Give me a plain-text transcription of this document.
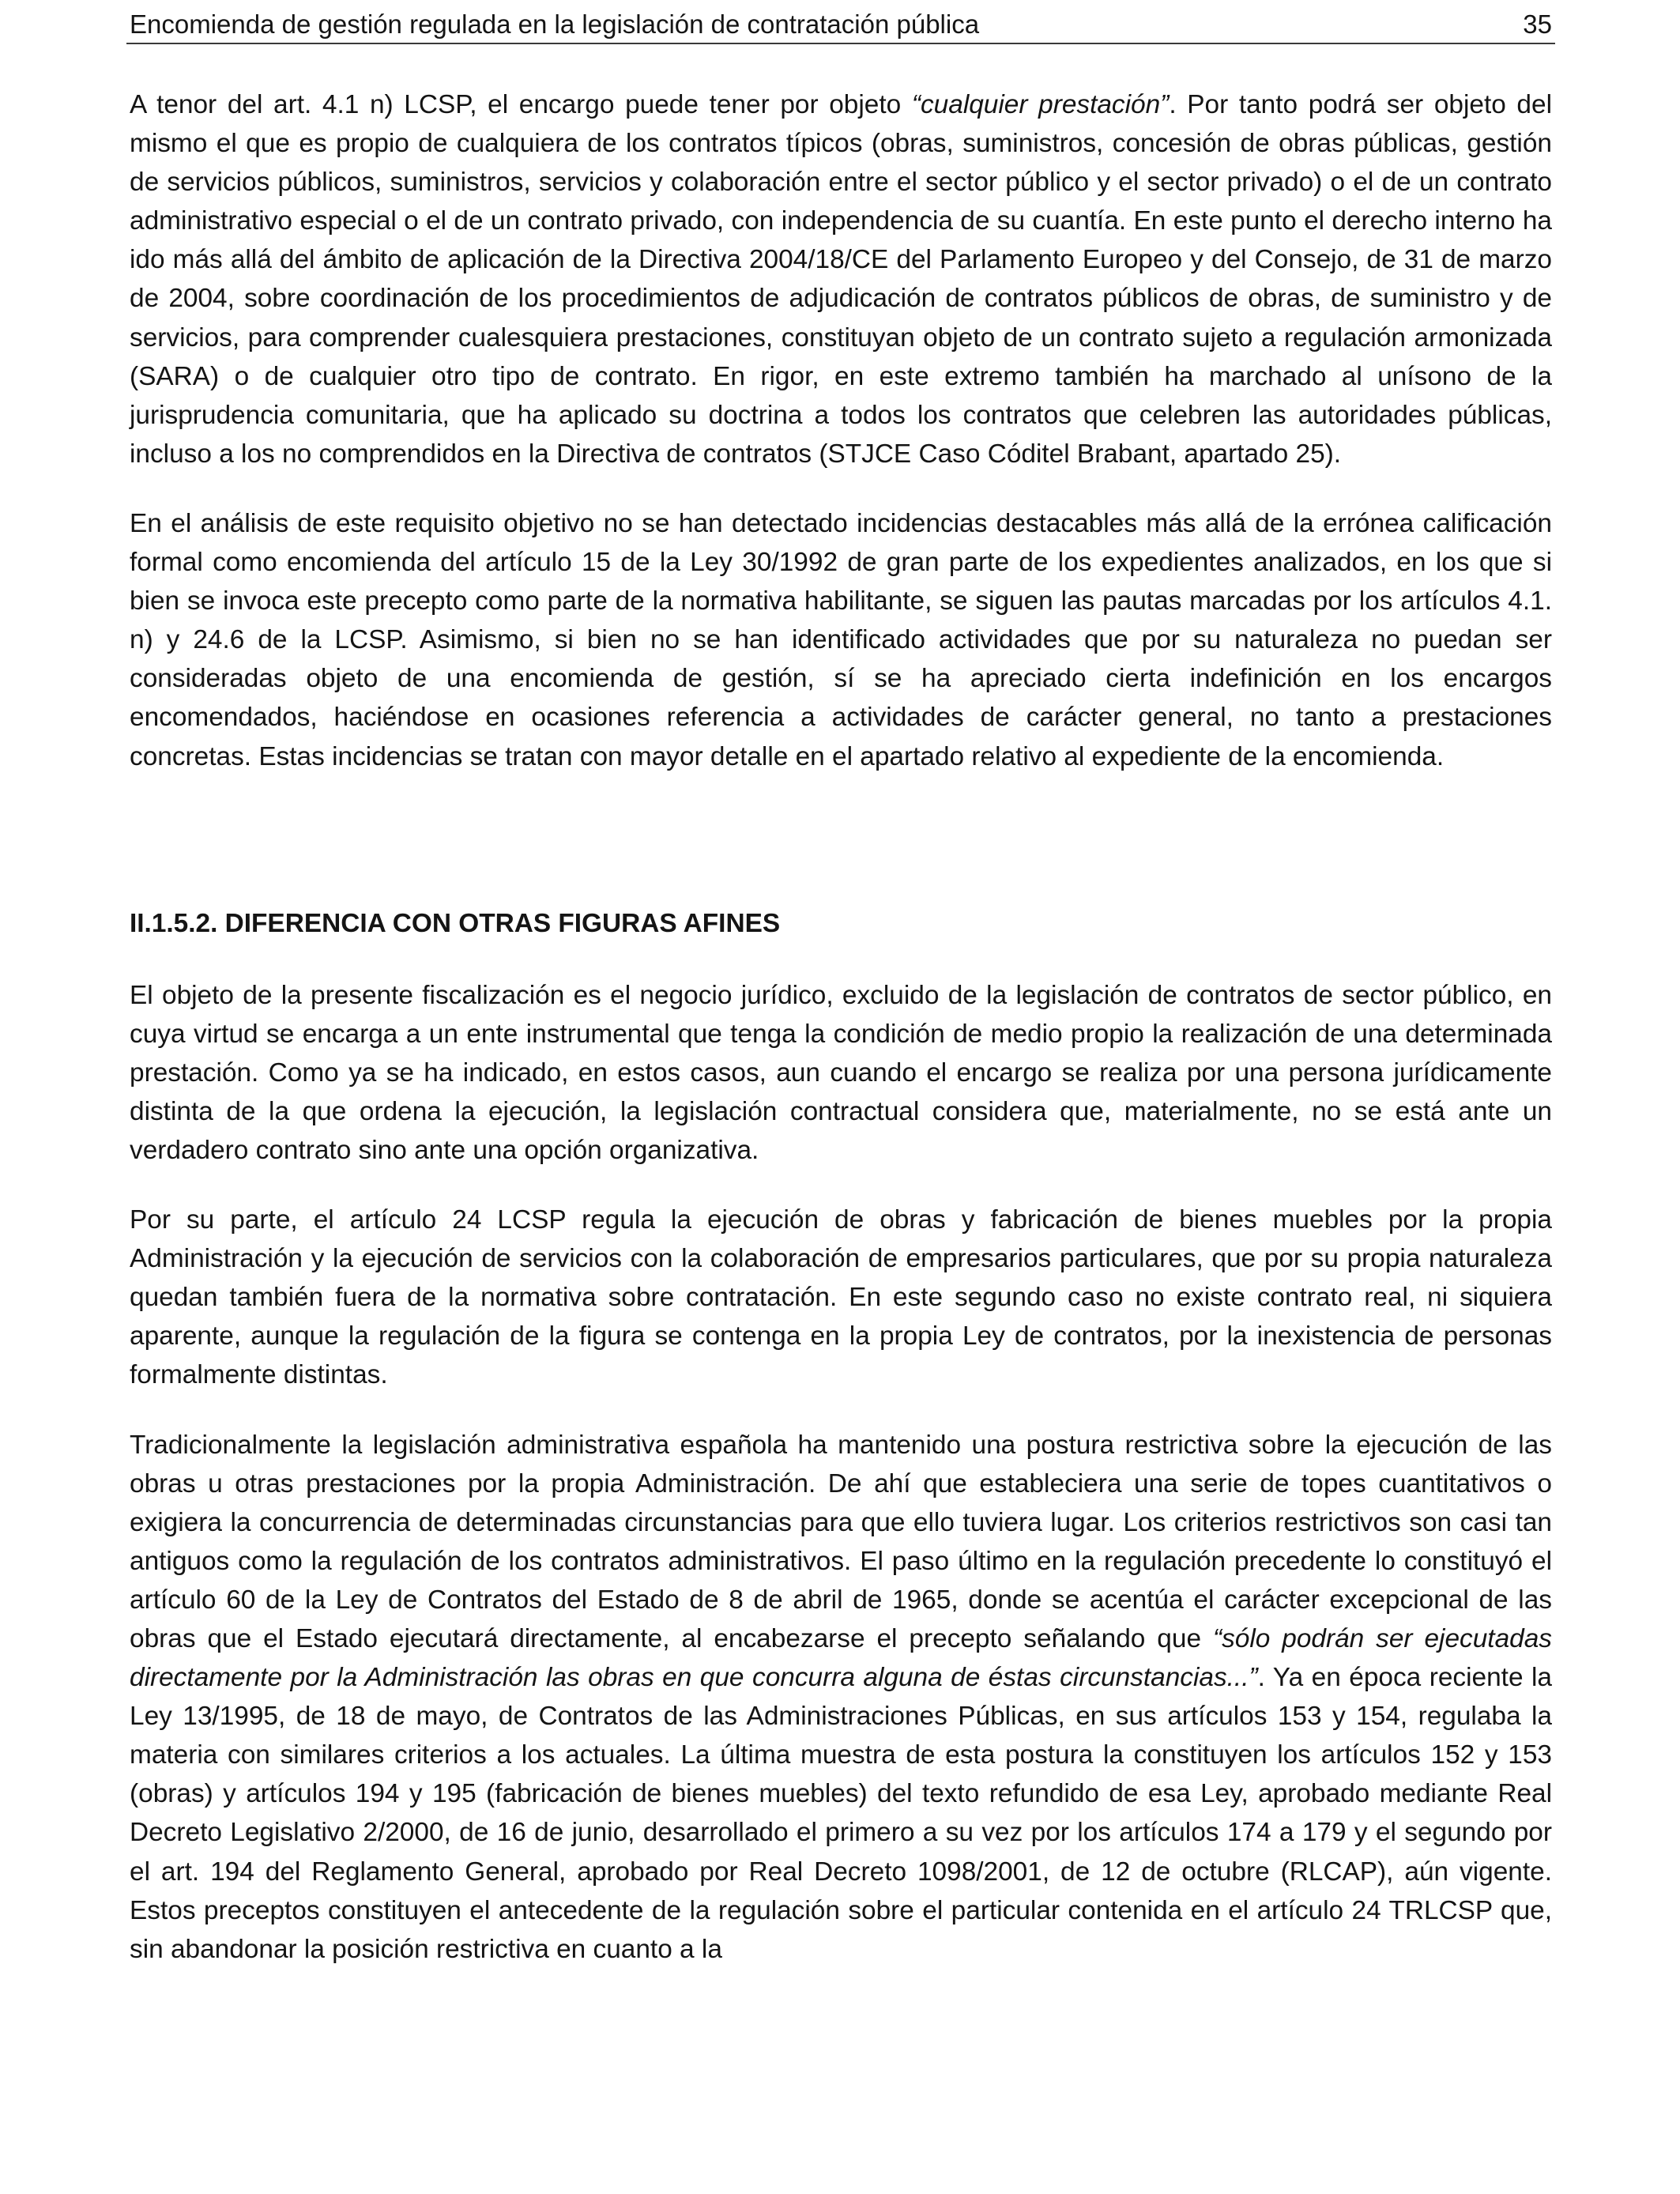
Encomienda de gestión regulada en la legislación de contratación pública	35

A tenor del art. 4.1 n) LCSP, el encargo puede tener por objeto “cualquier prestación”. Por tanto podrá ser objeto del mismo el que es propio de cualquiera de los contratos típicos (obras, suministros, concesión de obras públicas, gestión de servicios públicos, suministros, servicios y colaboración entre el sector público y el sector privado) o el de un contrato administrativo especial o el de un contrato privado, con independencia de su cuantía. En este punto el derecho interno ha ido más allá del ámbito de aplicación de la Directiva 2004/18/CE del Parlamento Europeo y del Consejo, de 31 de marzo de 2004, sobre coordinación de los procedimientos de adjudicación de contratos públicos de obras, de suministro y de servicios, para comprender cualesquiera prestaciones, constituyan objeto de un contrato sujeto a regulación armonizada (SARA) o de cualquier otro tipo de contrato. En rigor, en este extremo también ha marchado al unísono de la jurisprudencia comunitaria, que ha aplicado su doctrina a todos los contratos que celebren las autoridades públicas, incluso a los no comprendidos en la Directiva de contratos (STJCE Caso Códitel Brabant, apartado 25).

En el análisis de este requisito objetivo no se han detectado incidencias destacables más allá de la errónea calificación formal como encomienda del artículo 15 de la Ley 30/1992 de gran parte de los expedientes analizados, en los que si bien se invoca este precepto como parte de la normativa habilitante, se siguen las pautas marcadas por los artículos 4.1. n) y 24.6 de la LCSP. Asimismo, si bien no se han identificado actividades que por su naturaleza no puedan ser consideradas objeto de una encomienda de gestión, sí se ha apreciado cierta indefinición en los encargos encomendados, haciéndose en ocasiones referencia a actividades de carácter general, no tanto a prestaciones concretas. Estas incidencias se tratan con mayor detalle en el apartado relativo al expediente de la encomienda.

II.1.5.2. DIFERENCIA CON OTRAS FIGURAS AFINES

El objeto de la presente fiscalización es el negocio jurídico, excluido de la legislación de contratos de sector público, en cuya virtud se encarga a un ente instrumental que tenga la condición de medio propio la realización de una determinada prestación. Como ya se ha indicado, en estos casos, aun cuando el encargo se realiza por una persona jurídicamente distinta de la que ordena la ejecución, la legislación contractual considera que, materialmente, no se está ante un verdadero contrato sino ante una opción organizativa.

Por su parte, el artículo 24 LCSP regula la ejecución de obras y fabricación de bienes muebles por la propia Administración y la ejecución de servicios con la colaboración de empresarios particulares, que por su propia naturaleza quedan también fuera de la normativa sobre contratación. En este segundo caso no existe contrato real, ni siquiera aparente, aunque la regulación de la figura se contenga en la propia Ley de contratos, por la inexistencia de personas formalmente distintas.

Tradicionalmente la legislación administrativa española ha mantenido una postura restrictiva sobre la ejecución de las obras u otras prestaciones por la propia Administración. De ahí que estableciera una serie de topes cuantitativos o exigiera la concurrencia de determinadas circunstancias para que ello tuviera lugar. Los criterios restrictivos son casi tan antiguos como la regulación de los contratos administrativos. El paso último en la regulación precedente lo constituyó el artículo 60 de la Ley de Contratos del Estado de 8 de abril de 1965, donde se acentúa el carácter excepcional de las obras que el Estado ejecutará directamente, al encabezarse el precepto señalando que “sólo podrán ser ejecutadas directamente por la Administración las obras en que concurra alguna de éstas circunstancias...”. Ya en época reciente la Ley 13/1995, de 18 de mayo, de Contratos de las Administraciones Públicas, en sus artículos 153 y 154, regulaba la materia con similares criterios a los actuales. La última muestra de esta postura la constituyen los artículos 152 y 153 (obras) y artículos 194 y 195 (fabricación de bienes muebles) del texto refundido de esa Ley, aprobado mediante Real Decreto Legislativo 2/2000, de 16 de junio, desarrollado el primero a su vez por los artículos 174 a 179 y el segundo por el art. 194 del Reglamento General, aprobado por Real Decreto 1098/2001, de 12 de octubre (RLCAP), aún vigente. Estos preceptos constituyen el antecedente de la regulación sobre el particular contenida en el artículo 24 TRLCSP que, sin abandonar la posición restrictiva en cuanto a la
